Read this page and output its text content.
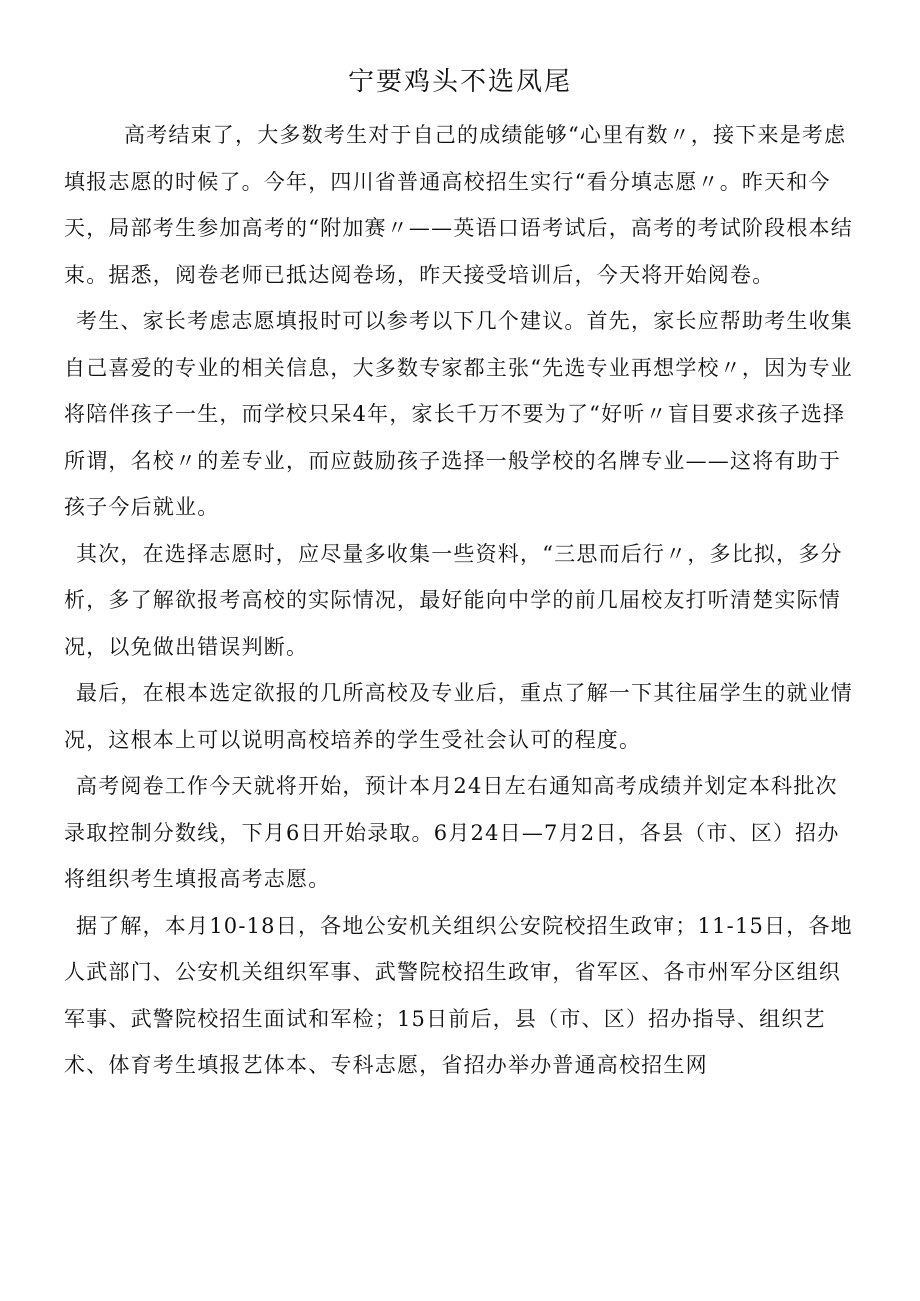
宁要鸡头不选凤尾

高考结束了，大多数考生对于自己的成绩能够“心里有数〃，接下来是考虑填报志愿的时候了。今年，四川省普通高校招生实行“看分填志愿〃。昨天和今天，局部考生参加高考的“附加赛〃——英语口语考试后，高考的考试阶段根本结束。据悉，阅卷老师已抵达阅卷场，昨天接受培训后，今天将开始阅卷。

考生、家长考虑志愿填报时可以参考以下几个建议。首先，家长应帮助考生收集自己喜爱的专业的相关信息，大多数专家都主张“先选专业再想学校〃，因为专业将陪伴孩子一生，而学校只呆4年，家长千万不要为了“好听〃盲目要求孩子选择所谓，名校〃的差专业，而应鼓励孩子选择一般学校的名牌专业——这将有助于孩子今后就业。

其次，在选择志愿时，应尽量多收集一些资料，“三思而后行〃，多比拟，多分析，多了解欲报考高校的实际情况，最好能向中学的前几届校友打听清楚实际情况，以免做出错误判断。

最后，在根本选定欲报的几所高校及专业后，重点了解一下其往届学生的就业情况，这根本上可以说明高校培养的学生受社会认可的程度。

高考阅卷工作今天就将开始，预计本月24日左右通知高考成绩并划定本科批次录取控制分数线，下月6日开始录取。6月24日—7月2日，各县（市、区）招办将组织考生填报高考志愿。

据了解，本月10-18日，各地公安机关组织公安院校招生政审；11-15日，各地人武部门、公安机关组织军事、武警院校招生政审，省军区、各市州军分区组织军事、武警院校招生面试和军检；15日前后，县（市、区）招办指导、组织艺术、体育考生填报艺体本、专科志愿，省招办举办普通高校招生网
